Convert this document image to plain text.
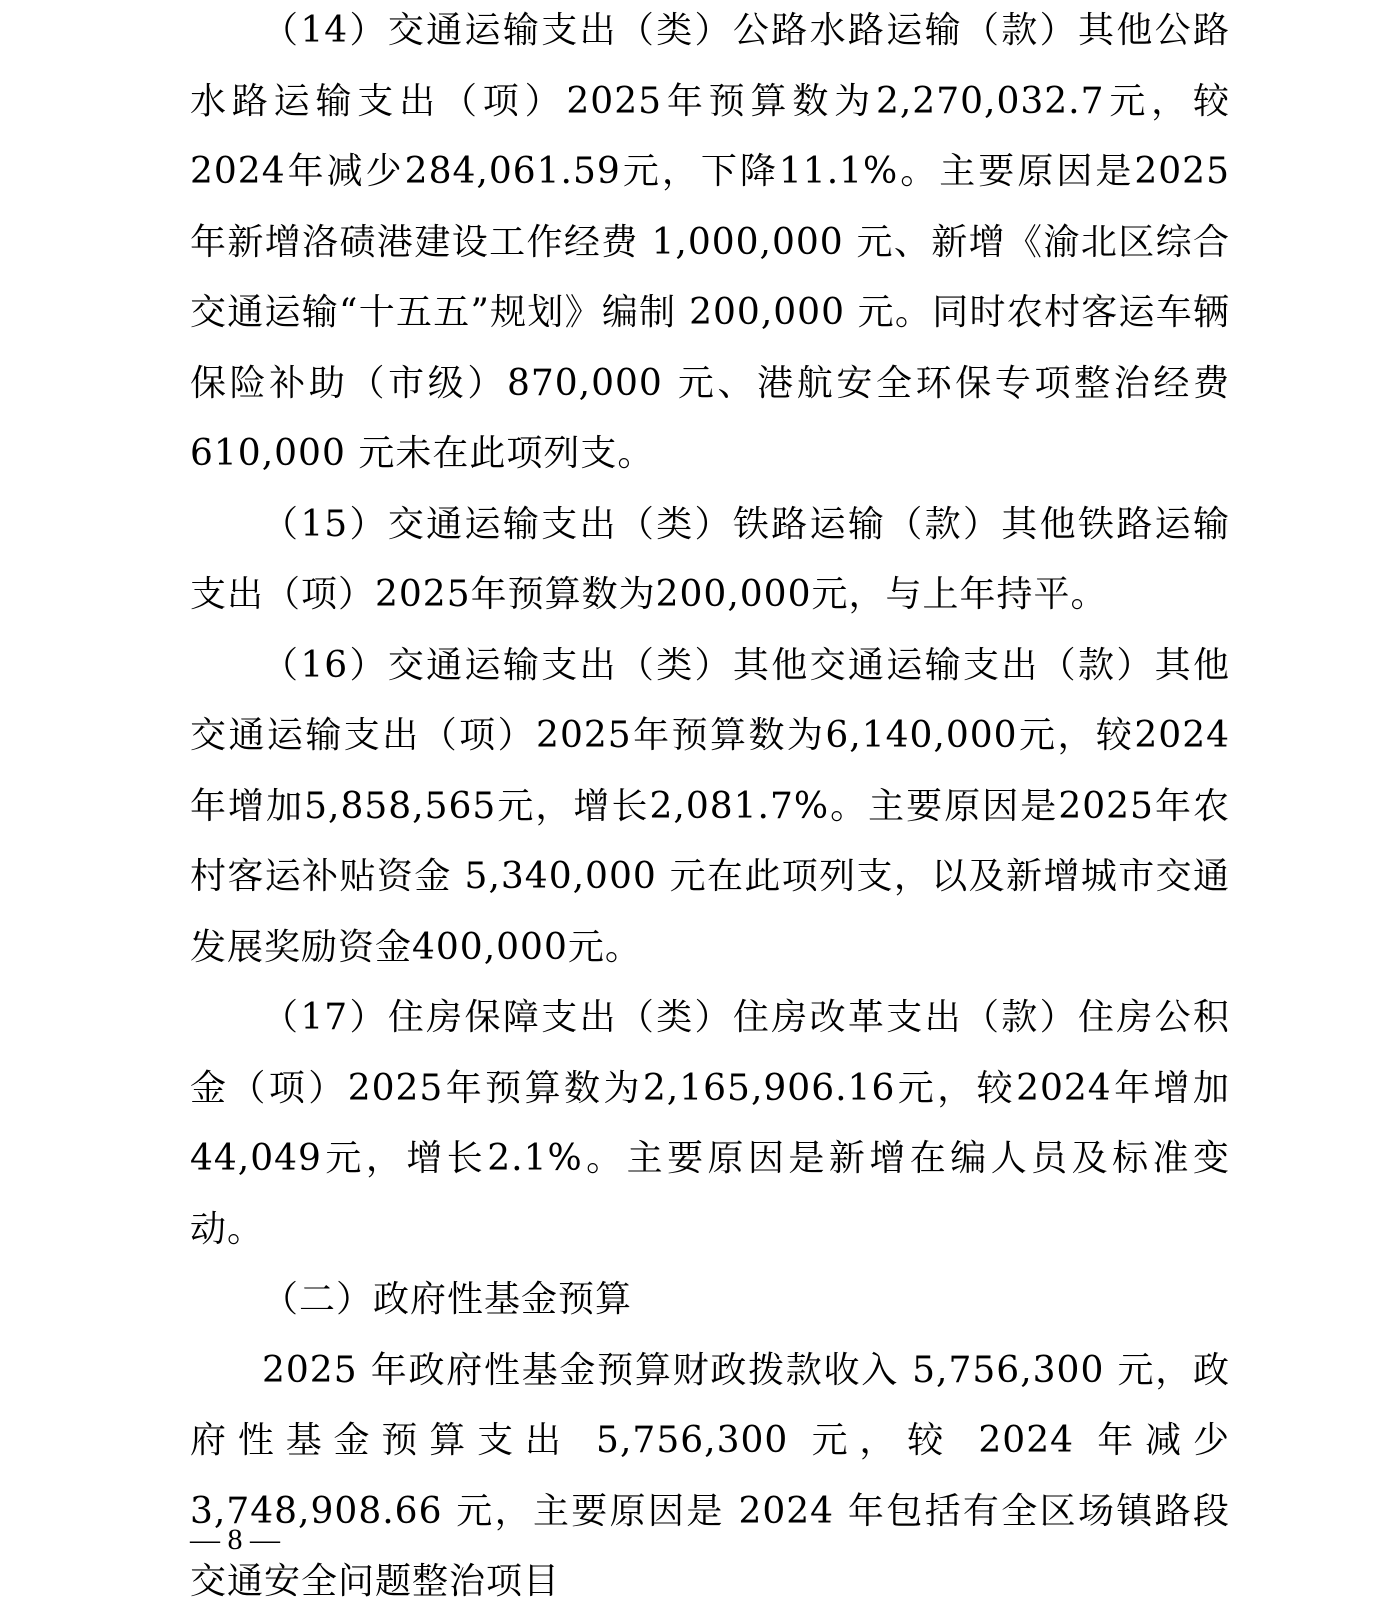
（14）交通运输支出（类）公路水路运输（款）其他公路水路运输支出（项）2025年预算数为2,270,032.7元，较2024年减少284,061.59元，下降11.1%。主要原因是2025年新增洛碛港建设工作经费 1,000,000 元、新增《渝北区综合交通运输“十五五”规划》编制 200,000 元。同时农村客运车辆保险补助（市级）870,000 元、港航安全环保专项整治经费 610,000 元未在此项列支。

（15）交通运输支出（类）铁路运输（款）其他铁路运输支出（项）2025年预算数为200,000元，与上年持平。

（16）交通运输支出（类）其他交通运输支出（款）其他交通运输支出（项）2025年预算数为6,140,000元，较2024年增加5,858,565元，增长2,081.7%。主要原因是2025年农村客运补贴资金 5,340,000 元在此项列支，以及新增城市交通发展奖励资金400,000元。

（17）住房保障支出（类）住房改革支出（款）住房公积金（项）2025年预算数为2,165,906.16元，较2024年增加44,049元，增长2.1%。主要原因是新增在编人员及标准变动。

（二）政府性基金预算

2025 年政府性基金预算财政拨款收入 5,756,300 元，政府性基金预算支出 5,756,300 元，较 2024 年减少 3,748,908.66 元，主要原因是 2024 年包括有全区场镇路段交通安全问题整治项目

— 8 —
